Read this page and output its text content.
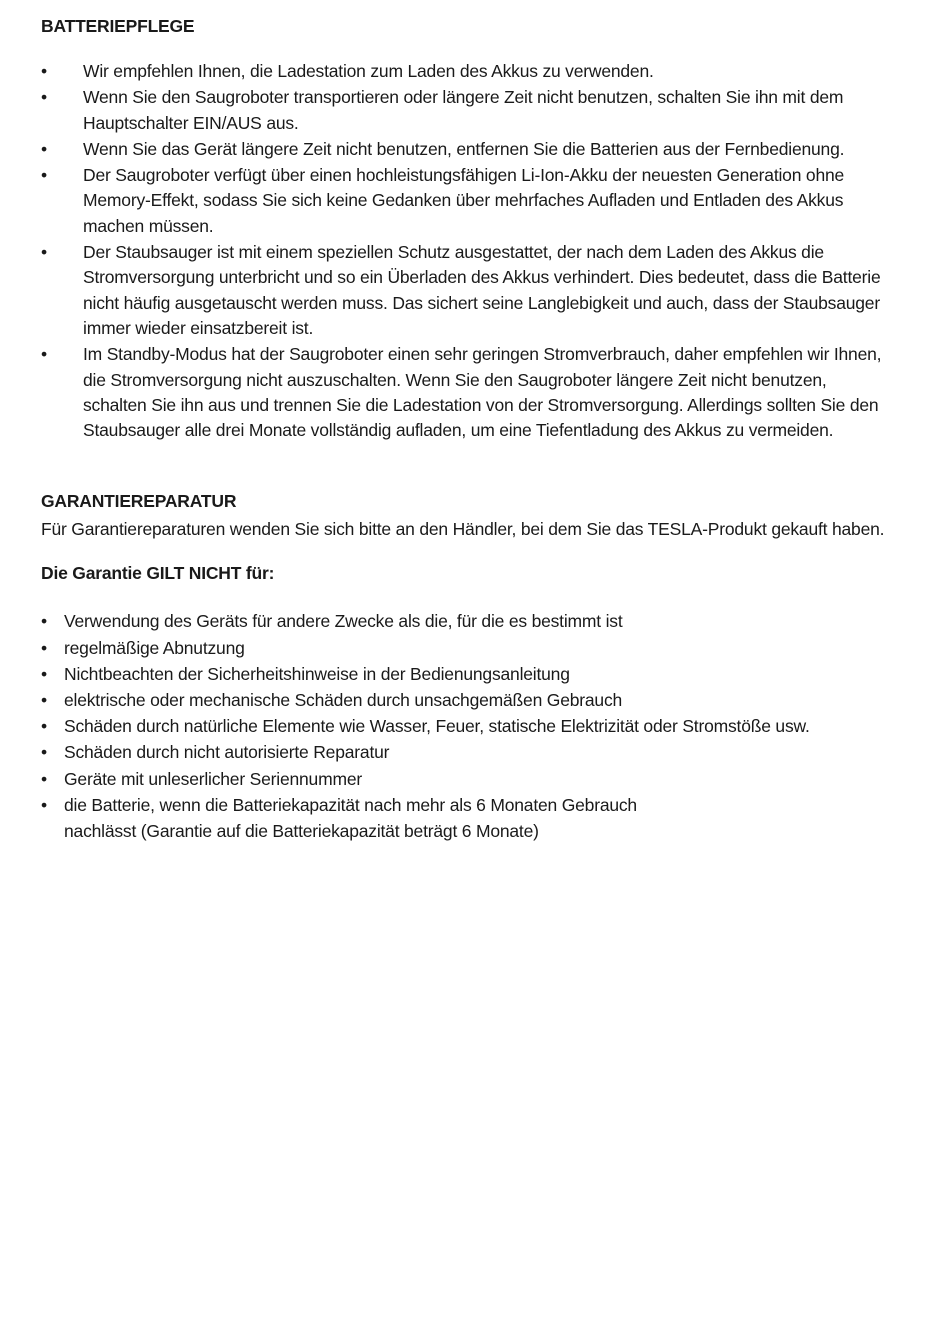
BATTERIEPFLEGE
• Wir empfehlen Ihnen, die Ladestation zum Laden des Akkus zu verwenden.
• Wenn Sie den Saugroboter transportieren oder längere Zeit nicht benutzen, schalten Sie ihn mit dem Hauptschalter EIN/AUS aus.
• Wenn Sie das Gerät längere Zeit nicht benutzen, entfernen Sie die Batterien aus der Fernbedienung.
• Der Saugroboter verfügt über einen hochleistungsfähigen Li-Ion-Akku der neuesten Generation ohne Memory-Effekt, sodass Sie sich keine Gedanken über mehrfaches Aufladen und Entladen des Akkus machen müssen.
• Der Staubsauger ist mit einem speziellen Schutz ausgestattet, der nach dem Laden des Akkus die Stromversorgung unterbricht und so ein Überladen des Akkus verhindert. Dies bedeutet, dass die Batterie nicht häufig ausgetauscht werden muss. Das sichert seine Langlebigkeit und auch, dass der Staubsauger immer wieder einsatzbereit ist.
• Im Standby-Modus hat der Saugroboter einen sehr geringen Stromverbrauch, daher empfehlen wir Ihnen, die Stromversorgung nicht auszuschalten. Wenn Sie den Saugroboter längere Zeit nicht benutzen, schalten Sie ihn aus und trennen Sie die Ladestation von der Stromversorgung. Allerdings sollten Sie den Staubsauger alle drei Monate vollständig aufladen, um eine Tiefentladung des Akkus zu vermeiden.
GARANTIEREPARATUR

Für Garantiereparaturen wenden Sie sich bitte an den Händler, bei dem Sie das TESLA-Produkt gekauft haben.

Die Garantie GILT NICHT für:

• Verwendung des Geräts für andere Zwecke als die, für die es bestimmt ist
• regelmäßige Abnutzung
• Nichtbeachten der Sicherheitshinweise in der Bedienungsanleitung
• elektrische oder mechanische Schäden durch unsachgemäßen Gebrauch
• Schäden durch natürliche Elemente wie Wasser, Feuer, statische Elektrizität oder Stromstöße usw.
• Schäden durch nicht autorisierte Reparatur
• Geräte mit unleserlicher Seriennummer
• die Batterie, wenn die Batteriekapazität nach mehr als 6 Monaten Gebrauch
nachlässt (Garantie auf die Batteriekapazität beträgt 6 Monate)
